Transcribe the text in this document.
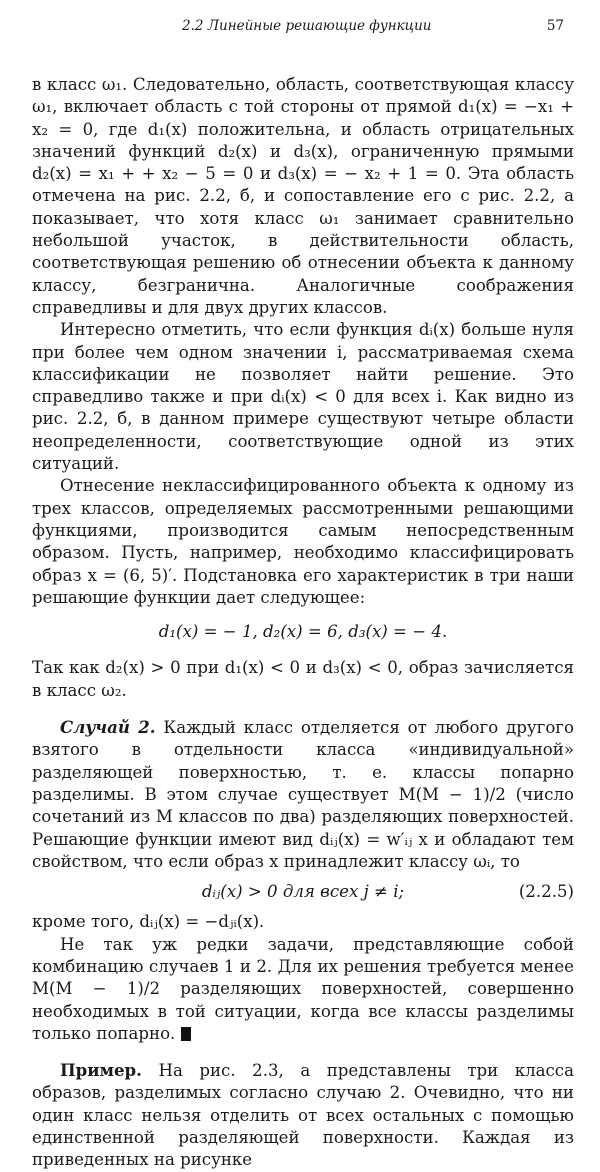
2.2 Линейные решающие функции	57

в класс ω₁. Следовательно, область, соответствующая классу ω₁, включает область с той стороны от прямой d₁(x) = −x₁ + x₂ = 0, где d₁(x) положительна, и область отрицательных значений функций d₂(x) и d₃(x), ограниченную прямыми d₂(x) = x₁ + + x₂ − 5 = 0 и d₃(x) = − x₂ + 1 = 0. Эта область отмечена на рис. 2.2, б, и сопоставление его с рис. 2.2, а показывает, что хотя класс ω₁ занимает сравнительно небольшой участок, в действительности область, соответствующая решению об отнесении объекта к данному классу, безгранична. Аналогичные соображения справедливы и для двух других классов.

Интересно отметить, что если функция dᵢ(x) больше нуля при более чем одном значении i, рассматриваемая схема классификации не позволяет найти решение. Это справедливо также и при dᵢ(x) < 0 для всех i. Как видно из рис. 2.2, б, в данном примере существуют четыре области неопределенности, соответствующие одной из этих ситуаций.

Отнесение неклассифицированного объекта к одному из трех классов, определяемых рассмотренными решающими функциями, производится самым непосредственным образом. Пусть, например, необходимо классифицировать образ x = (6, 5)′. Подстановка его характеристик в три наши решающие функции дает следующее:

d₁(x) = − 1, d₂(x) = 6, d₃(x) = − 4.

Так как d₂(x) > 0 при d₁(x) < 0 и d₃(x) < 0, образ зачисляется в класс ω₂.

Случай 2. Каждый класс отделяется от любого другого взятого в отдельности класса «индивидуальной» разделяющей поверхностью, т. е. классы попарно разделимы. В этом случае существует M(M − 1)/2 (число сочетаний из M классов по два) разделяющих поверхностей. Решающие функции имеют вид dᵢⱼ(x) = w′ᵢⱼ x и обладают тем свойством, что если образ x принадлежит классу ωᵢ, то

dᵢⱼ(x) > 0 для всех j ≠ i;	(2.2.5)

кроме того, dᵢⱼ(x) = −dⱼᵢ(x).

Не так уж редки задачи, представляющие собой комбинацию случаев 1 и 2. Для их решения требуется менее M(M − 1)/2 разделяющих поверхностей, совершенно необходимых в той ситуации, когда все классы разделимы только попарно.

Пример. На рис. 2.3, а представлены три класса образов, разделимых согласно случаю 2. Очевидно, что ни один класс нельзя отделить от всех остальных с помощью единственной разделяющей поверхности. Каждая из приведенных на рисунке
